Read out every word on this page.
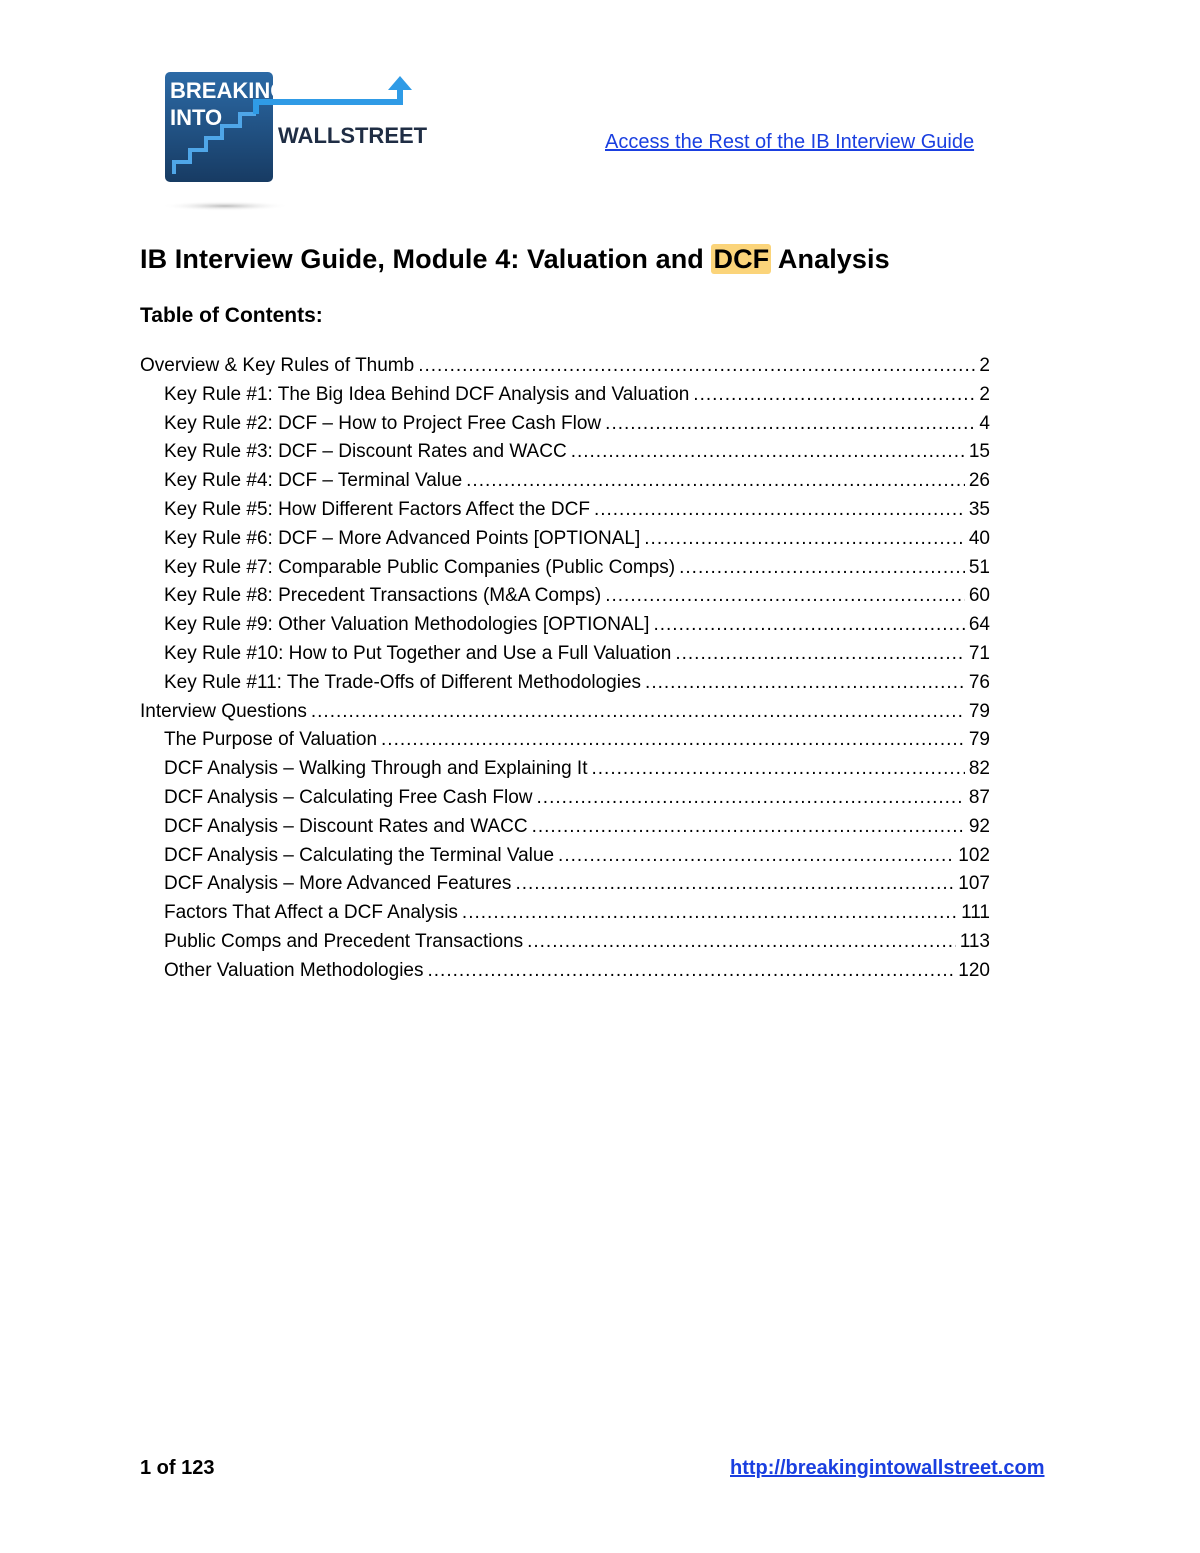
BREAKING
INTO
WALLSTREET	Access the Rest of the IB Interview Guide
IB Interview Guide, Module 4: Valuation and DCF Analysis
Table of Contents:
Overview & Key Rules of Thumb .....	2
Key Rule #1: The Big Idea Behind DCF Analysis and Valuation .....	2
Key Rule #2: DCF – How to Project Free Cash Flow .....	4
Key Rule #3: DCF – Discount Rates and WACC .....	15
Key Rule #4: DCF – Terminal Value .....	26
Key Rule #5: How Different Factors Affect the DCF .....	35
Key Rule #6: DCF – More Advanced Points [OPTIONAL] .....	40
Key Rule #7: Comparable Public Companies (Public Comps) .....	51
Key Rule #8: Precedent Transactions (M&A Comps) .....	60
Key Rule #9: Other Valuation Methodologies [OPTIONAL] .....	64
Key Rule #10: How to Put Together and Use a Full Valuation .....	71
Key Rule #11: The Trade-Offs of Different Methodologies .....	76
Interview Questions .....	79
The Purpose of Valuation .....	79
DCF Analysis – Walking Through and Explaining It .....	82
DCF Analysis – Calculating Free Cash Flow .....	87
DCF Analysis – Discount Rates and WACC .....	92
DCF Analysis – Calculating the Terminal Value .....	102
DCF Analysis – More Advanced Features .....	107
Factors That Affect a DCF Analysis .....	111
Public Comps and Precedent Transactions .....	113
Other Valuation Methodologies .....	120
1 of 123	http://breakingintowallstreet.com
